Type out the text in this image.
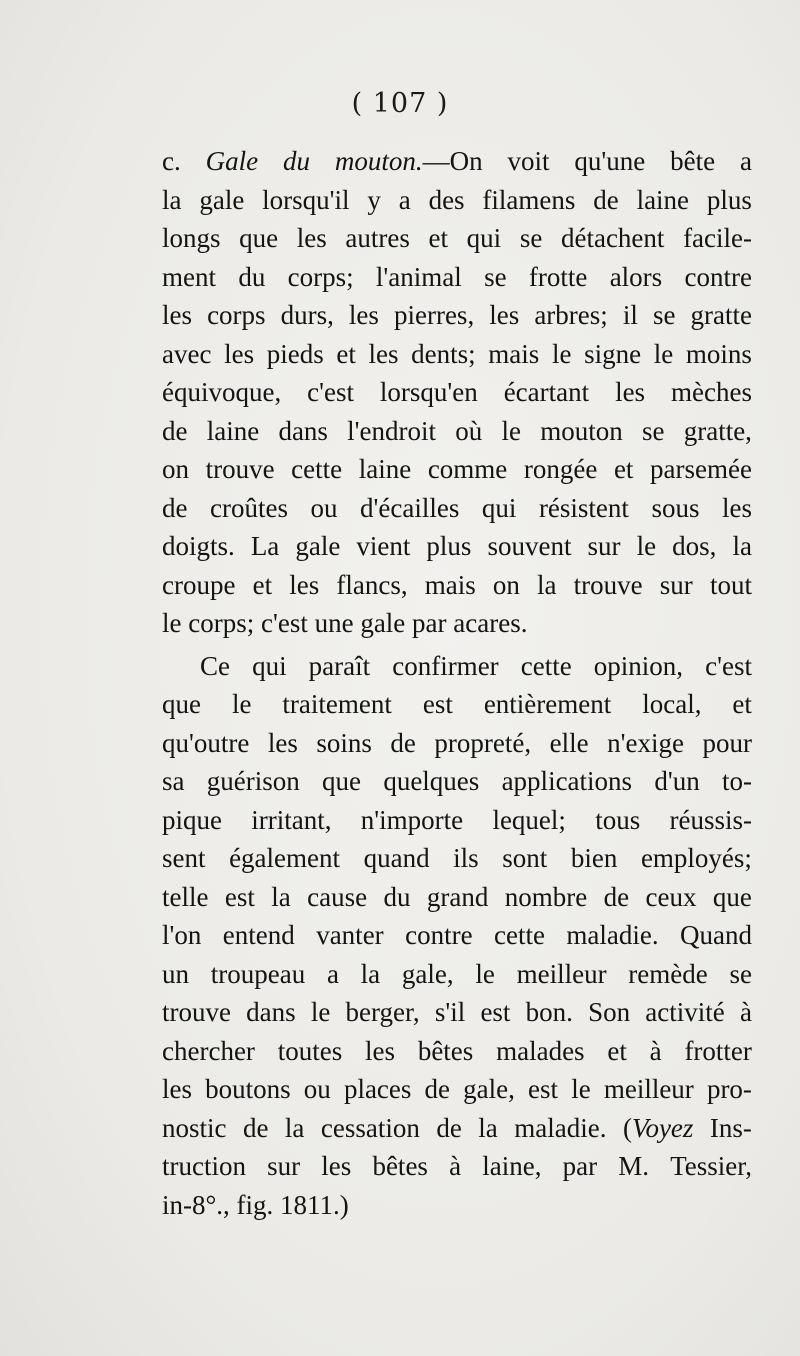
( 107 )
c. Gale du mouton.—On voit qu'une bête a
la gale lorsqu'il y a des filamens de laine plus
longs que les autres et qui se détachent facile-
ment du corps; l'animal se frotte alors contre
les corps durs, les pierres, les arbres; il se gratte
avec les pieds et les dents; mais le signe le moins
équivoque, c'est lorsqu'en écartant les mèches
de laine dans l'endroit où le mouton se gratte,
on trouve cette laine comme rongée et parsemée
de croûtes ou d'écailles qui résistent sous les
doigts. La gale vient plus souvent sur le dos, la
croupe et les flancs, mais on la trouve sur tout
le corps; c'est une gale par acares.
Ce qui paraît confirmer cette opinion, c'est
que le traitement est entièrement local, et
qu'outre les soins de propreté, elle n'exige pour
sa guérison que quelques applications d'un to-
pique irritant, n'importe lequel; tous réussis-
sent également quand ils sont bien employés;
telle est la cause du grand nombre de ceux que
l'on entend vanter contre cette maladie. Quand
un troupeau a la gale, le meilleur remède se
trouve dans le berger, s'il est bon. Son activité à
chercher toutes les bêtes malades et à frotter
les boutons ou places de gale, est le meilleur pro-
nostic de la cessation de la maladie. (Voyez Ins-
truction sur les bêtes à laine, par M. Tessier,
in-8°., fig. 1811.)
